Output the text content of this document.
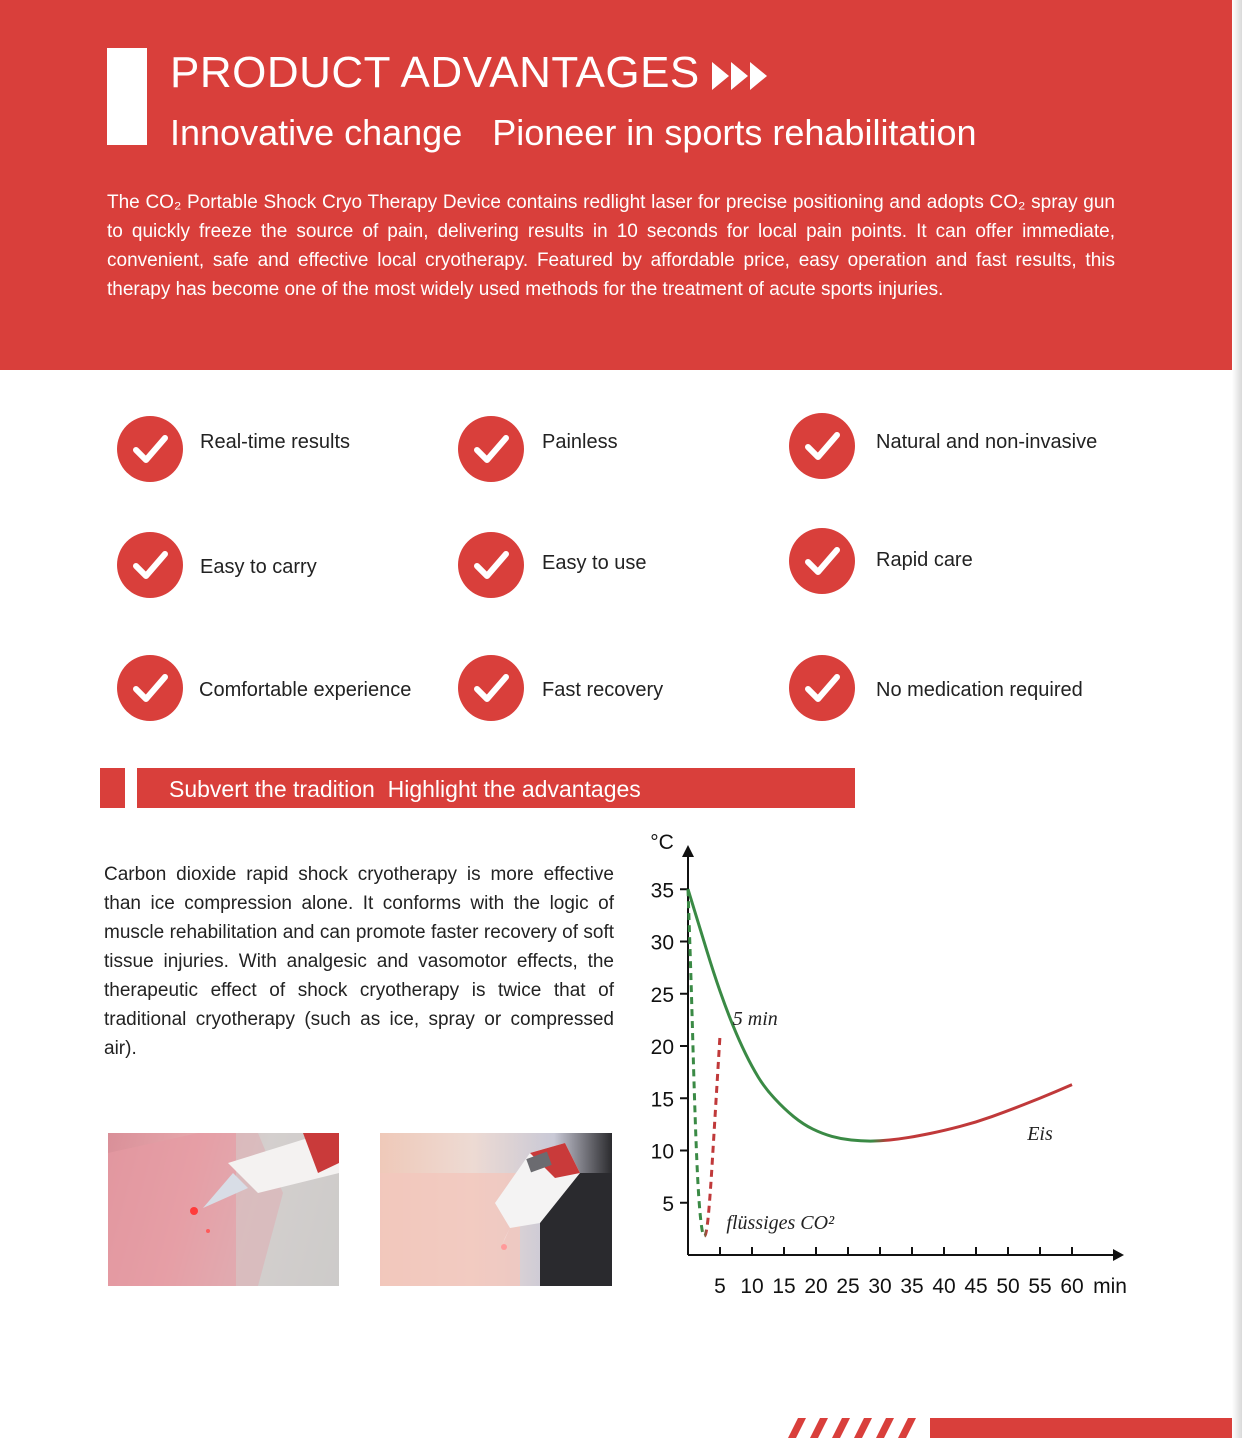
PRODUCT ADVANTAGES
Innovative change   Pioneer in sports rehabilitation
The CO₂ Portable Shock Cryo Therapy Device contains redlight laser for precise positioning and adopts CO₂ spray gun to quickly freeze the source of pain, delivering results in 10 seconds for local pain points. It can offer immediate, convenient, safe and effective local cryotherapy. Featured by affordable price, easy operation and fast results, this therapy has become one of the most widely used methods for the treatment of acute sports injuries.
Real-time results	Painless	Natural and non-invasive
Easy to carry	Easy to use	Rapid care
Comfortable experience	Fast recovery	No medication required
Subvert the tradition  Highlight the advantages
Carbon dioxide rapid shock cryotherapy is more effective than ice compression alone. It conforms with the logic of muscle rehabilitation and can promote faster recovery of soft tissue injuries. With analgesic and vasomotor effects, the therapeutic effect of shock cryotherapy is twice that of traditional cryotherapy (such as ice, spray or compressed air).
5 10 15 20 25 30 35 40 45 50 55 60
5
10
15
20
25
30
35
°C
min
5 min
Eis
flüssiges CO²
